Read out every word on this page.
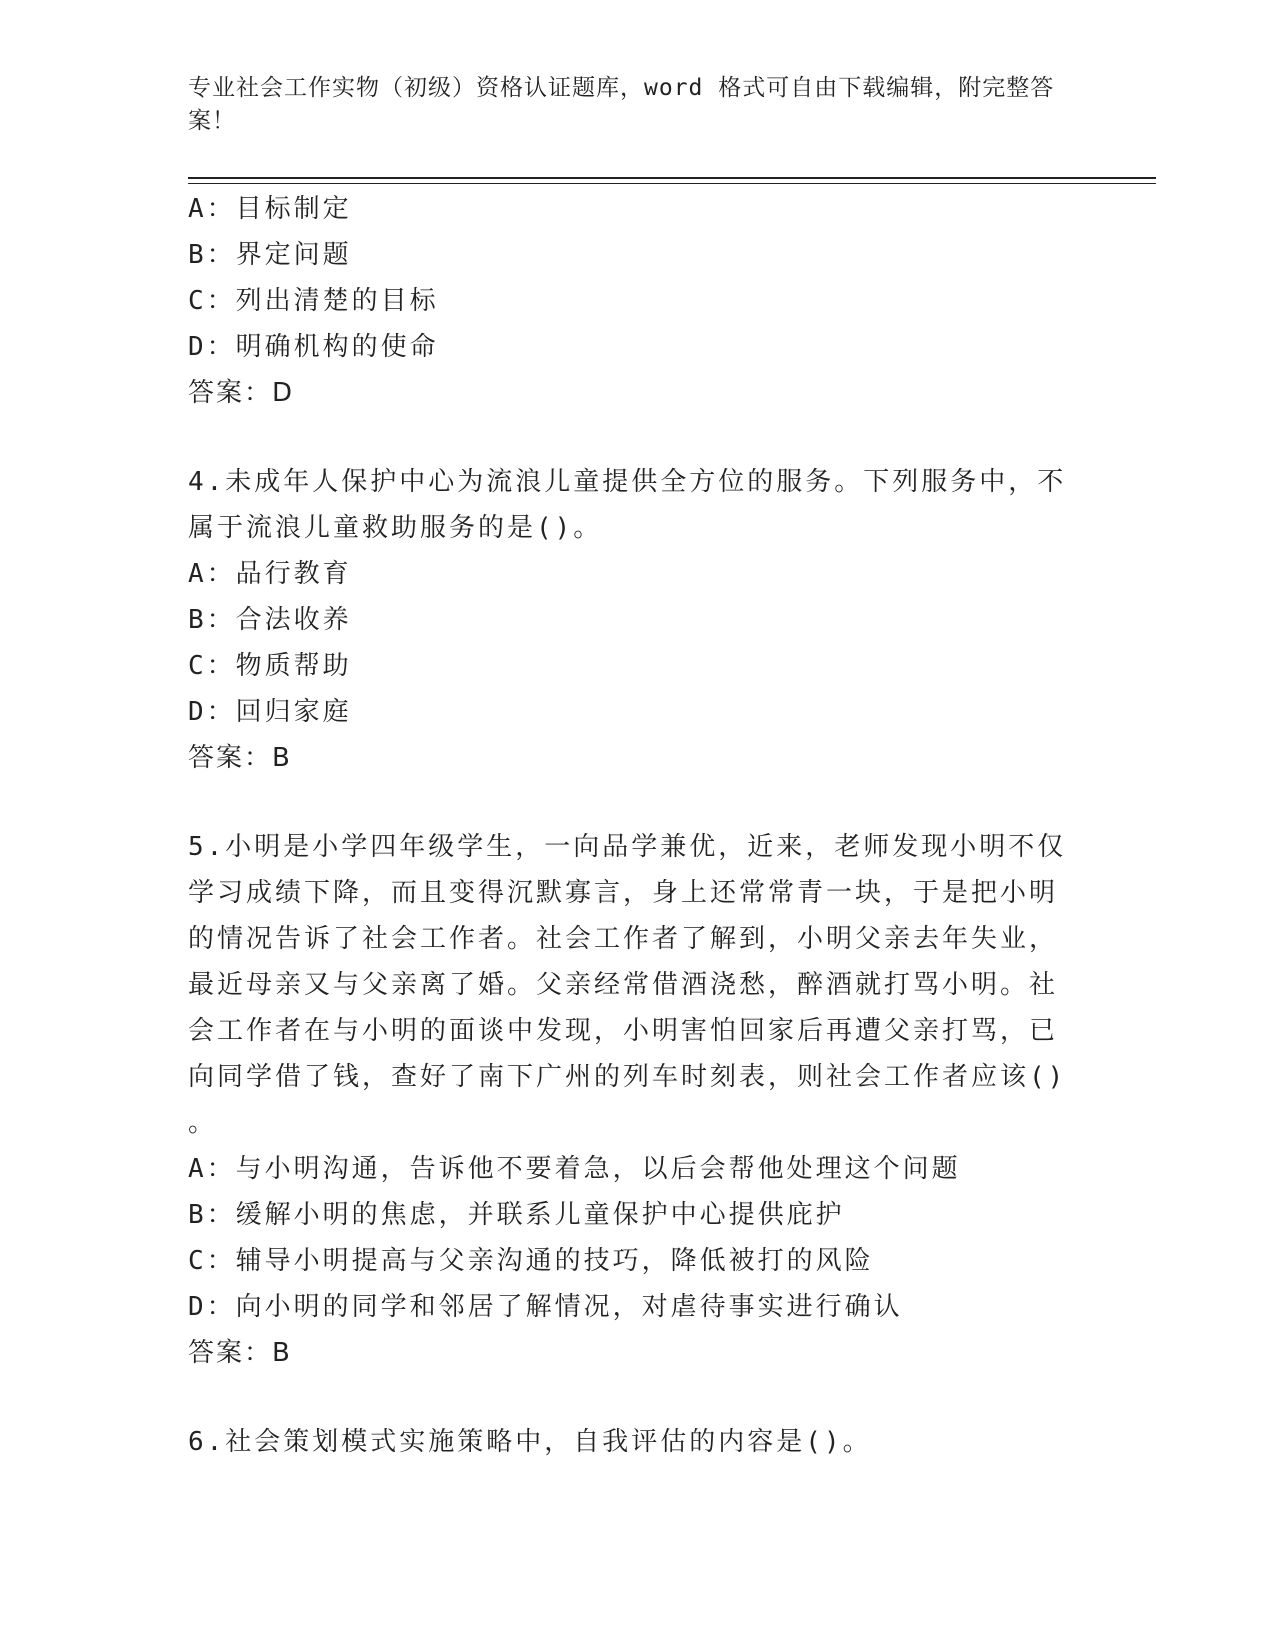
专业社会工作实物（初级）资格认证题库，word 格式可自由下载编辑，附完整答
案！
A：目标制定
B：界定问题
C：列出清楚的目标
D：明确机构的使命
答案：D
4.未成年人保护中心为流浪儿童提供全方位的服务。下列服务中，不
属于流浪儿童救助服务的是()。
A：品行教育
B：合法收养
C：物质帮助
D：回归家庭
答案：B
5.小明是小学四年级学生，一向品学兼优，近来，老师发现小明不仅
学习成绩下降，而且变得沉默寡言，身上还常常青一块，于是把小明
的情况告诉了社会工作者。社会工作者了解到，小明父亲去年失业，
最近母亲又与父亲离了婚。父亲经常借酒浇愁，醉酒就打骂小明。社
会工作者在与小明的面谈中发现，小明害怕回家后再遭父亲打骂，已
向同学借了钱，查好了南下广州的列车时刻表，则社会工作者应该()
。
A：与小明沟通，告诉他不要着急，以后会帮他处理这个问题
B：缓解小明的焦虑，并联系儿童保护中心提供庇护
C：辅导小明提高与父亲沟通的技巧，降低被打的风险
D：向小明的同学和邻居了解情况，对虐待事实进行确认
答案：B
6.社会策划模式实施策略中，自我评估的内容是()。
